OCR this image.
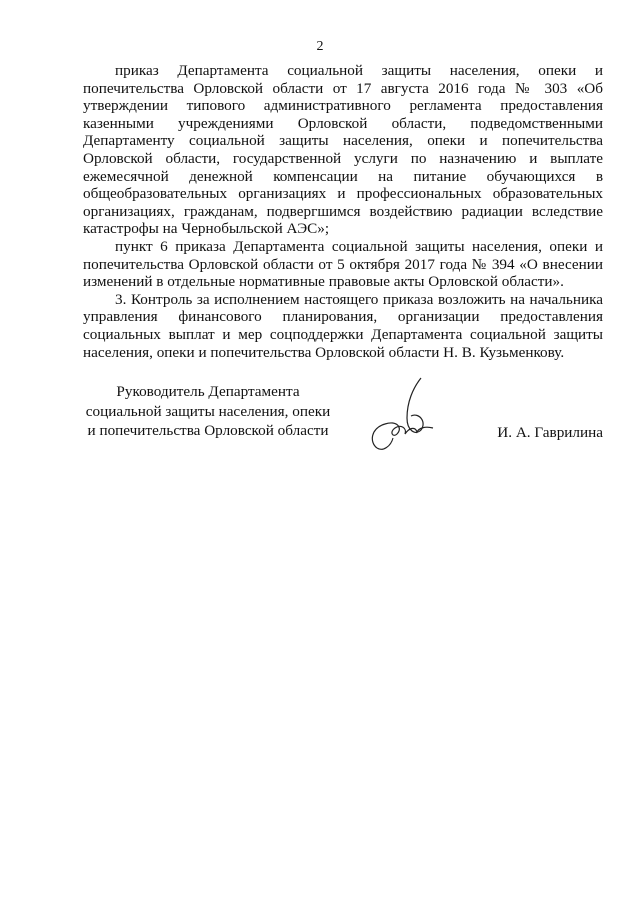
2

приказ Департамента социальной защиты населения, опеки и попечительства Орловской области от 17 августа 2016 года № 303 «Об утверждении типового административного регламента предоставления казенными учреждениями Орловской области, подведомственными Департаменту социальной защиты населения, опеки и попечительства Орловской области, государственной услуги по назначению и выплате ежемесячной денежной компенсации на питание обучающихся в общеобразовательных организациях и профессиональных образовательных организациях, гражданам, подвергшимся воздействию радиации вследствие катастрофы на Чернобыльской АЭС»;

пункт 6 приказа Департамента социальной защиты населения, опеки и попечительства Орловской области от 5 октября 2017 года № 394 «О внесении изменений в отдельные нормативные правовые акты Орловской области».

3. Контроль за исполнением настоящего приказа возложить на начальника управления финансового планирования, организации предоставления социальных выплат и мер соцподдержки Департамента социальной защиты населения, опеки и попечительства Орловской области Н. В. Кузьменкову.

Руководитель Департамента
социальной защиты населения, опеки
и попечительства Орловской области	И. А. Гаврилина
